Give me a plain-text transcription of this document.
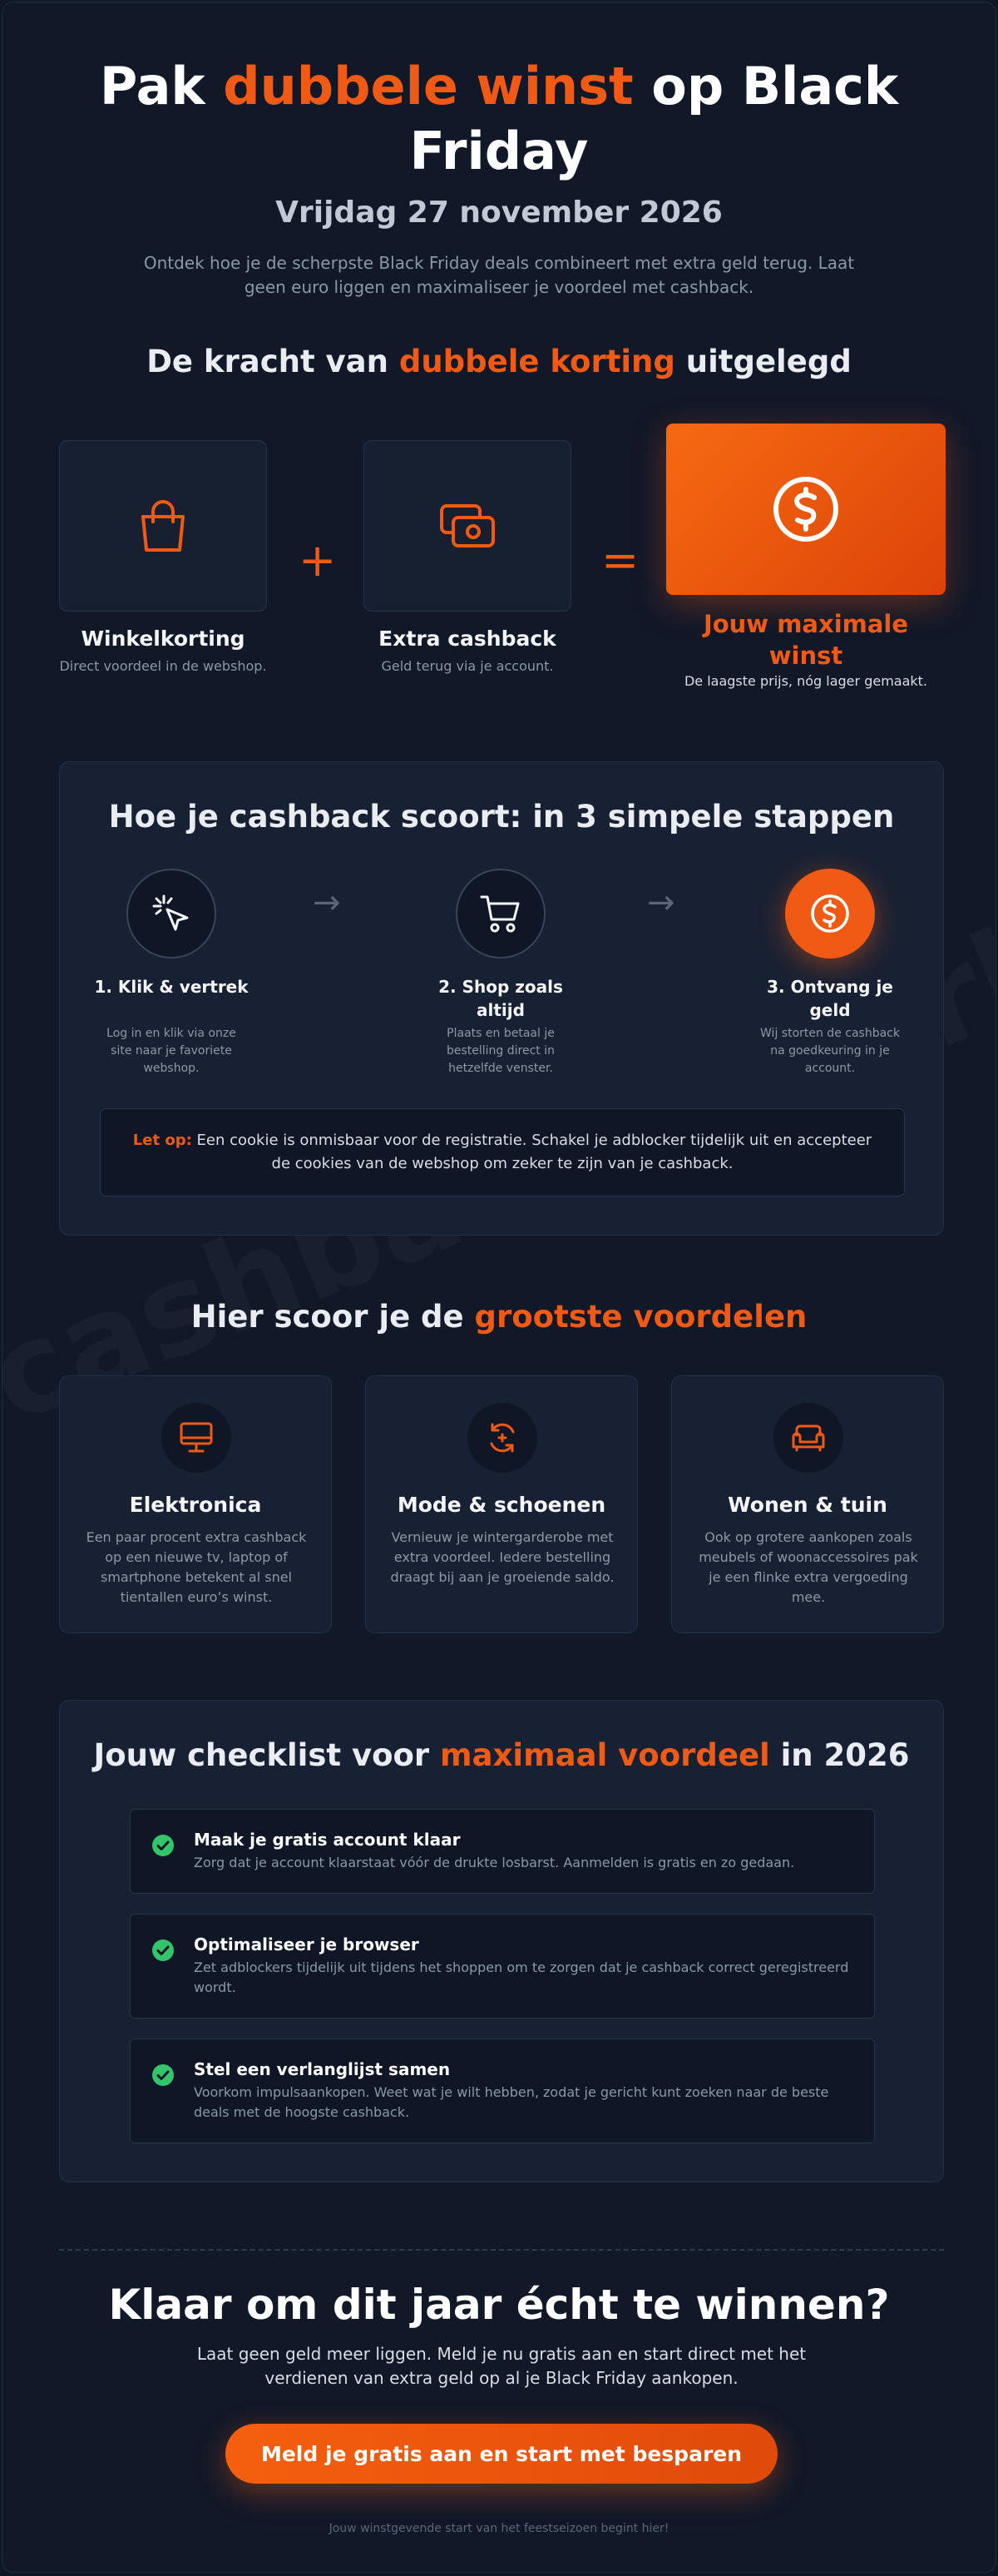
Pak dubbele winst op Black Friday
Vrijdag 27 november 2026
Ontdek hoe je de scherpste Black Friday deals combineert met extra geld terug. Laat geen euro liggen en maximaliseer je voordeel met cashback.
De kracht van dubbele korting uitgelegd
Winkelkorting
Direct voordeel in de webshop.
+
Extra cashback
Geld terug via je account.
=
Jouw maximale winst
De laagste prijs, nóg lager gemaakt.
Hoe je cashback scoort: in 3 simpele stappen
1. Klik & vertrek
Log in en klik via onze site naar je favoriete webshop.
→
2. Shop zoals altijd
Plaats en betaal je bestelling direct in hetzelfde venster.
→
3. Ontvang je geld
Wij storten de cashback na goedkeuring in je account.
Let op: Een cookie is onmisbaar voor de registratie. Schakel je adblocker tijdelijk uit en accepteer de cookies van de webshop om zeker te zijn van je cashback.
Hier scoor je de grootste voordelen
Elektronica
Een paar procent extra cashback op een nieuwe tv, laptop of smartphone betekent al snel tientallen euro’s winst.
Mode & schoenen
Vernieuw je wintergarderobe met extra voordeel. Iedere bestelling draagt bij aan je groeiende saldo.
Wonen & tuin
Ook op grotere aankopen zoals meubels of woonaccessoires pak je een flinke extra vergoeding mee.
Jouw checklist voor maximaal voordeel in 2026
Maak je gratis account klaar
Zorg dat je account klaarstaat vóór de drukte losbarst. Aanmelden is gratis en zo gedaan.
Optimaliseer je browser
Zet adblockers tijdelijk uit tijdens het shoppen om te zorgen dat je cashback correct geregistreerd wordt.
Stel een verlanglijst samen
Voorkom impulsaankopen. Weet wat je wilt hebben, zodat je gericht kunt zoeken naar de beste deals met de hoogste cashback.
Klaar om dit jaar écht te winnen?
Laat geen geld meer liggen. Meld je nu gratis aan en start direct met het verdienen van extra geld op al je Black Friday aankopen.
Meld je gratis aan en start met besparen
Jouw winstgevende start van het feestseizoen begint hier!
